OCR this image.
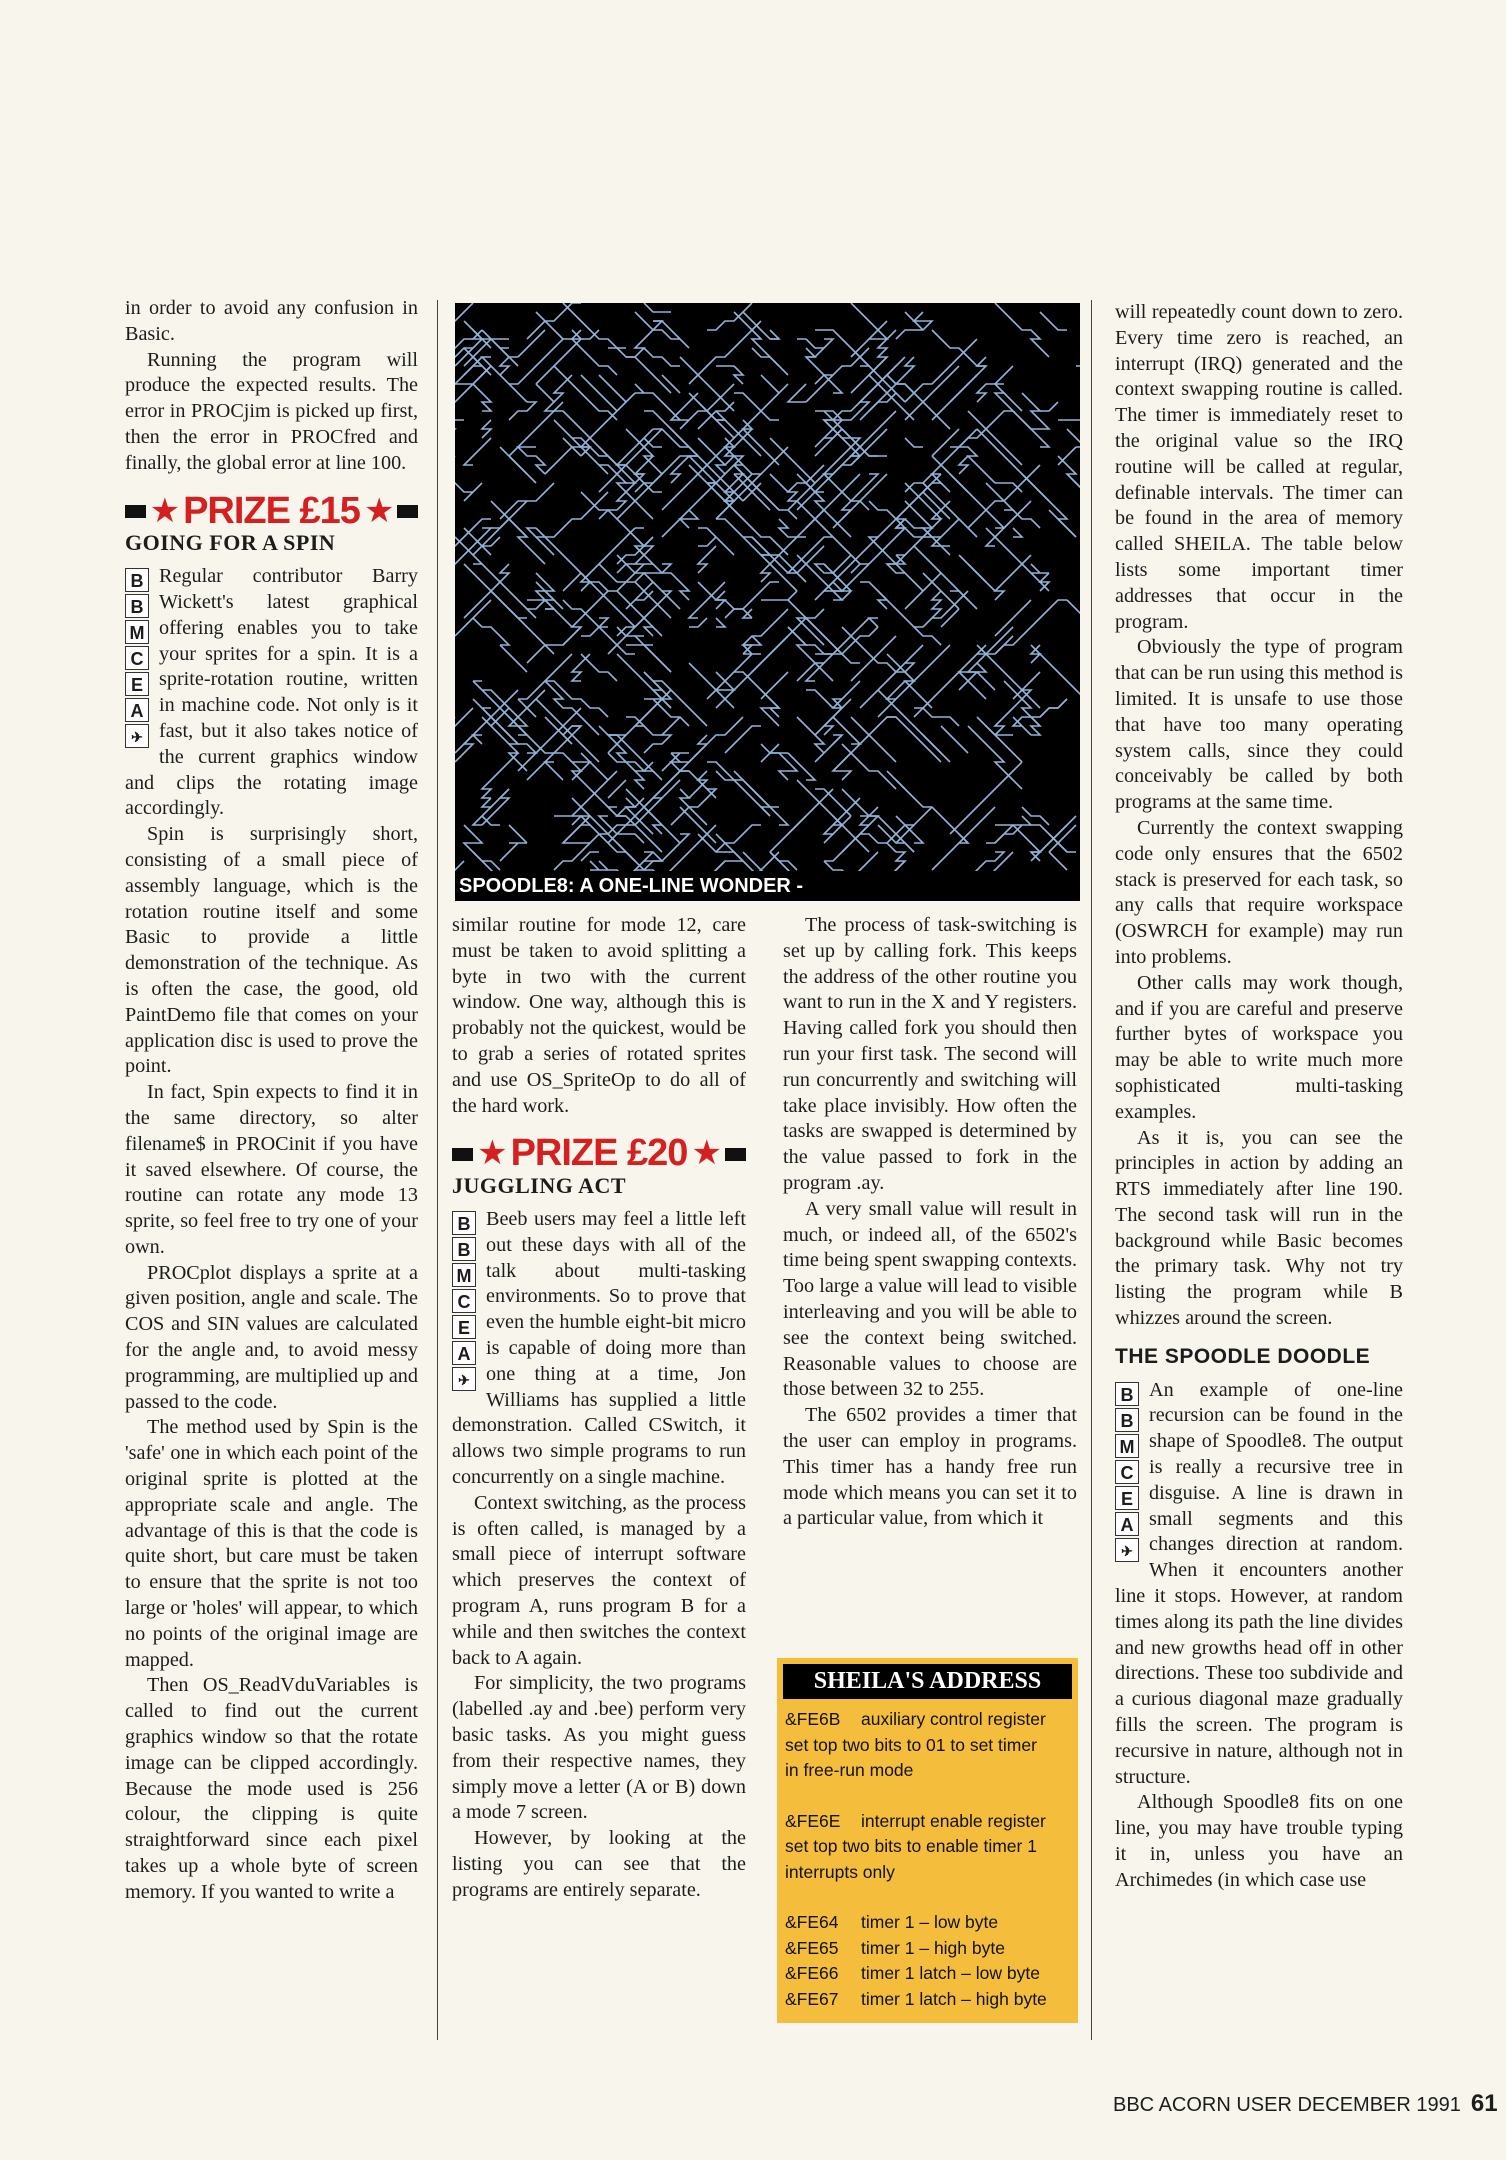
in order to avoid any confusion in Basic.

Running the program will produce the expected results. The error in PROCjim is picked up first, then the error in PROCfred and finally, the global error at line 100.

★ PRIZE £15 ★
GOING FOR A SPIN
B
B
M
C
E
A
✈

Regular contributor Barry Wickett's latest graphical offering enables you to take your sprites for a spin. It is a sprite-rotation routine, written in machine code. Not only is it fast, but it also takes notice of the current graphics window and clips the rotating image accordingly.

Spin is surprisingly short, consisting of a small piece of assembly language, which is the rotation routine itself and some Basic to provide a little demonstration of the technique. As is often the case, the good, old PaintDemo file that comes on your application disc is used to prove the point.

In fact, Spin expects to find it in the same directory, so alter filename$ in PROCinit if you have it saved elsewhere. Of course, the routine can rotate any mode 13 sprite, so feel free to try one of your own.

PROCplot displays a sprite at a given position, angle and scale. The COS and SIN values are calculated for the angle and, to avoid messy programming, are multiplied up and passed to the code.

The method used by Spin is the 'safe' one in which each point of the original sprite is plotted at the appropriate scale and angle. The advantage of this is that the code is quite short, but care must be taken to ensure that the sprite is not too large or 'holes' will appear, to which no points of the original image are mapped.

Then OS_ReadVduVariables is called to find out the current graphics window so that the rotate image can be clipped accordingly. Because the mode used is 256 colour, the clipping is quite straightforward since each pixel takes up a whole byte of screen memory. If you wanted to write a

SPOODLE8: A ONE-LINE WONDER -

similar routine for mode 12, care must be taken to avoid splitting a byte in two with the current window. One way, although this is probably not the quickest, would be to grab a series of rotated sprites and use OS_SpriteOp to do all of the hard work.

★ PRIZE £20 ★
JUGGLING ACT
B
B
M
C
E
A
✈

Beeb users may feel a little left out these days with all of the talk about multi-tasking environments. So to prove that even the humble eight-bit micro is capable of doing more than one thing at a time, Jon Williams has supplied a little demonstration. Called CSwitch, it allows two simple programs to run concurrently on a single machine.

Context switching, as the process is often called, is managed by a small piece of interrupt software which preserves the context of program A, runs program B for a while and then switches the context back to A again.

For simplicity, the two programs (labelled .ay and .bee) perform very basic tasks. As you might guess from their respective names, they simply move a letter (A or B) down a mode 7 screen.

However, by looking at the listing you can see that the programs are entirely separate.

The process of task-switching is set up by calling fork. This keeps the address of the other routine you want to run in the X and Y registers. Having called fork you should then run your first task. The second will run concurrently and switching will take place invisibly. How often the tasks are swapped is determined by the value passed to fork in the program .ay.

A very small value will result in much, or indeed all, of the 6502's time being spent swapping contexts. Too large a value will lead to visible interleaving and you will be able to see the context being switched. Reasonable values to choose are those between 32 to 255.

The 6502 provides a timer that the user can employ in programs. This timer has a handy free run mode which means you can set it to a particular value, from which it

SHEILA'S ADDRESS
&FE6B	auxiliary control register
set top two bits to 01 to set timer
in free-run mode
&FE6E	interrupt enable register
set top two bits to enable timer 1
interrupts only
&FE64	timer 1 – low byte
&FE65	timer 1 – high byte
&FE66	timer 1 latch – low byte
&FE67	timer 1 latch – high byte

will repeatedly count down to zero. Every time zero is reached, an interrupt (IRQ) generated and the context swapping routine is called. The timer is immediately reset to the original value so the IRQ routine will be called at regular, definable intervals. The timer can be found in the area of memory called SHEILA. The table below lists some important timer addresses that occur in the program.

Obviously the type of program that can be run using this method is limited. It is unsafe to use those that have too many operating system calls, since they could conceivably be called by both programs at the same time.

Currently the context swapping code only ensures that the 6502 stack is preserved for each task, so any calls that require workspace (OSWRCH for example) may run into problems.

Other calls may work though, and if you are careful and preserve further bytes of workspace you may be able to write much more sophisticated multi-tasking examples.

As it is, you can see the principles in action by adding an RTS immediately after line 190. The second task will run in the background while Basic becomes the primary task. Why not try listing the program while B whizzes around the screen.

THE SPOODLE DOODLE
B
B
M
C
E
A
✈

An example of one-line recursion can be found in the shape of Spoodle8. The output is really a recursive tree in disguise. A line is drawn in small segments and this changes direction at random. When it encounters another line it stops. However, at random times along its path the line divides and new growths head off in other directions. These too subdivide and a curious diagonal maze gradually fills the screen. The program is recursive in nature, although not in structure.

Although Spoodle8 fits on one line, you may have trouble typing it in, unless you have an Archimedes (in which case use

BBC ACORN USER DECEMBER 1991 61
